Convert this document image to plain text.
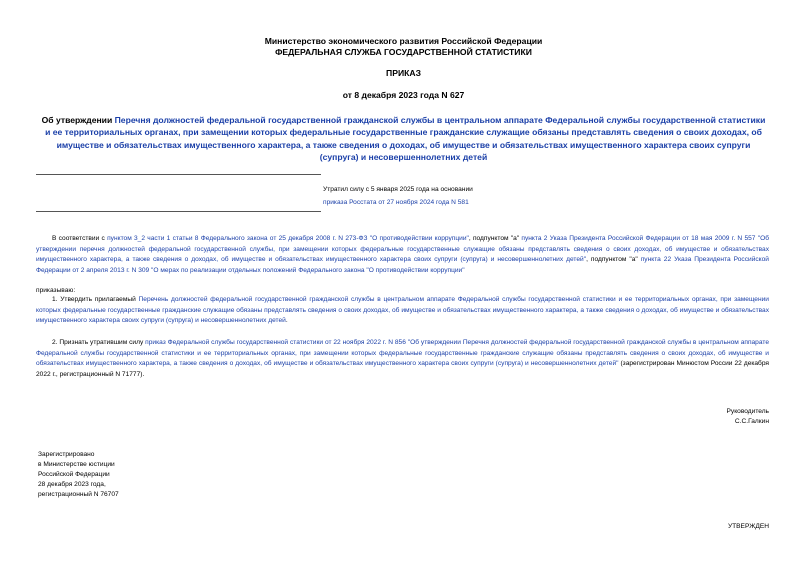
Министерство экономического развития Российской Федерации
ФЕДЕРАЛЬНАЯ СЛУЖБА ГОСУДАРСТВЕННОЙ СТАТИСТИКИ
ПРИКАЗ
от 8 декабря 2023 года N 627
Об утверждении Перечня должностей федеральной государственной гражданской службы в центральном аппарате Федеральной службы государственной статистики и ее территориальных органах, при замещении которых федеральные государственные гражданские служащие обязаны представлять сведения о своих доходах, об имуществе и обязательствах имущественного характера, а также сведения о доходах, об имуществе и обязательствах имущественного характера своих супруги (супруга) и несовершеннолетних детей
Утратил силу с 5 января 2025 года на основании
приказа Росстата от 27 ноября 2024 года N 581
В соответствии с пунктом 3_2 части 1 статьи 8 Федерального закона от 25 декабря 2008 г. N 273-ФЗ "О противодействии коррупции", подпунктом "а" пункта 2 Указа Президента Российской Федерации от 18 мая 2009 г. N 557 "Об утверждении перечня должностей федеральной государственной службы, при замещении которых федеральные государственные служащие обязаны представлять сведения о своих доходах, об имуществе и обязательствах имущественного характера, а также сведения о доходах, об имуществе и обязательствах имущественного характера своих супруги (супруга) и несовершеннолетних детей", подпунктом "а" пункта 22 Указа Президента Российской Федерации от 2 апреля 2013 г. N 309 "О мерах по реализации отдельных положений Федерального закона "О противодействии коррупции"
приказываю:
1. Утвердить прилагаемый Перечень должностей федеральной государственной гражданской службы в центральном аппарате Федеральной службы государственной статистики и ее территориальных органах, при замещении которых федеральные государственные гражданские служащие обязаны представлять сведения о своих доходах, об имуществе и обязательствах имущественного характера, а также сведения о доходах, об имуществе и обязательствах имущественного характера своих супруги (супруга) и несовершеннолетних детей.
2. Признать утратившим силу приказ Федеральной службы государственной статистики от 22 ноября 2022 г. N 856 "Об утверждении Перечня должностей федеральной государственной гражданской службы в центральном аппарате Федеральной службы государственной статистики и ее территориальных органах, при замещении которых федеральные государственные гражданские служащие обязаны представлять сведения о своих доходах, об имуществе и обязательствах имущественного характера, а также сведения о доходах, об имуществе и обязательствах имущественного характера своих супруги (супруга) и несовершеннолетних детей" (зарегистрирован Минюстом России 22 декабря 2022 г., регистрационный N 71777).
Руководитель
С.С.Галкин
Зарегистрировано
в Министерстве юстиции
Российской Федерации
28 декабря 2023 года,
регистрационный N 76707
УТВЕРЖДЕН
